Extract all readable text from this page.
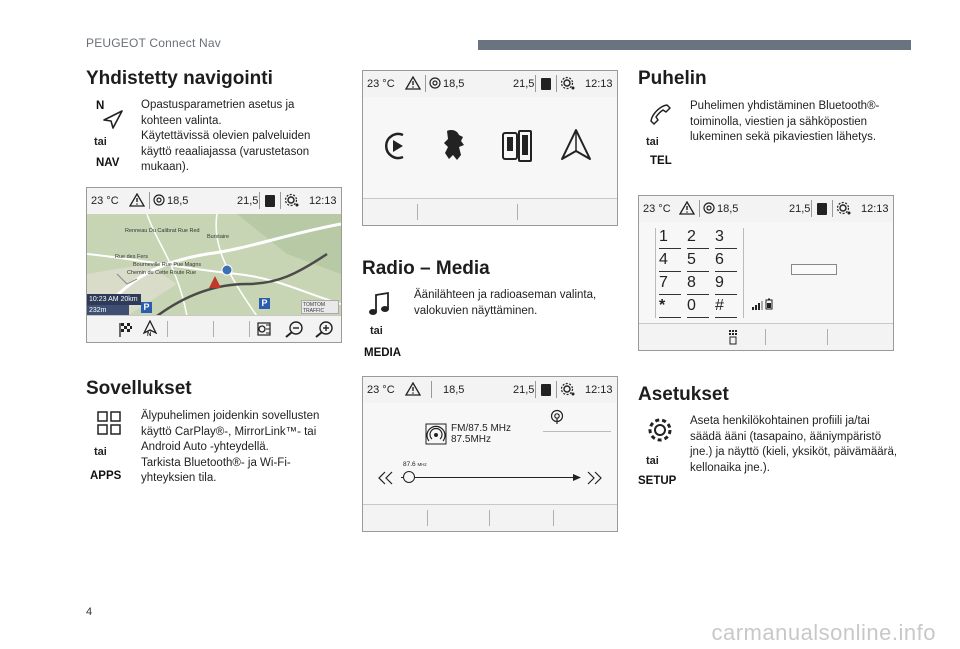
PEUGEOT Connect Nav
Yhdistetty navigointi
N
tai
NAV
Opastusparametrien asetus ja kohteen valinta.
Käytettävissä olevien palveluiden käyttö reaaliajassa (varustetason mukaan).
23 °C	18,5	21,5	12:13
Renneau Du Calibrat Rue Red
Burstaire
Rue des Fers
Bourneville Rue Pue Magns
Chemin du Cette Route Rue
10:23 AM 20km
232m	P	P	TOMTOM TRAFFIC
N
Sovellukset
tai
APPS
Älypuhelimen joidenkin sovellusten käyttö CarPlay®-, MirrorLink™- tai Android Auto -yhteydellä.
Tarkista Bluetooth®- ja Wi-Fi-yhteyksien tila.
23 °C	18,5	21,5	12:13
Radio – Media
tai
MEDIA
Äänilähteen ja radioaseman valinta, valokuvien näyttäminen.
23 °C	18,5	21,5	12:13
FM/87.5 MHz
87.5MHz
87.6 MHz
Puhelin
tai
TEL
Puhelimen yhdistäminen Bluetooth®-toiminolla, viestien ja sähköpostien lukeminen sekä pikaviestien lähetys.
23 °C	18,5	21,5	12:13
1	2	3
4	5	6
7	8	9
*	0	#
Asetukset
tai
SETUP
Aseta henkilökohtainen profiili ja/tai säädä ääni (tasapaino, ääniympäristö jne.) ja näyttö (kieli, yksiköt, päivämäärä, kellonaika jne.).
4
carmanualsonline.info
